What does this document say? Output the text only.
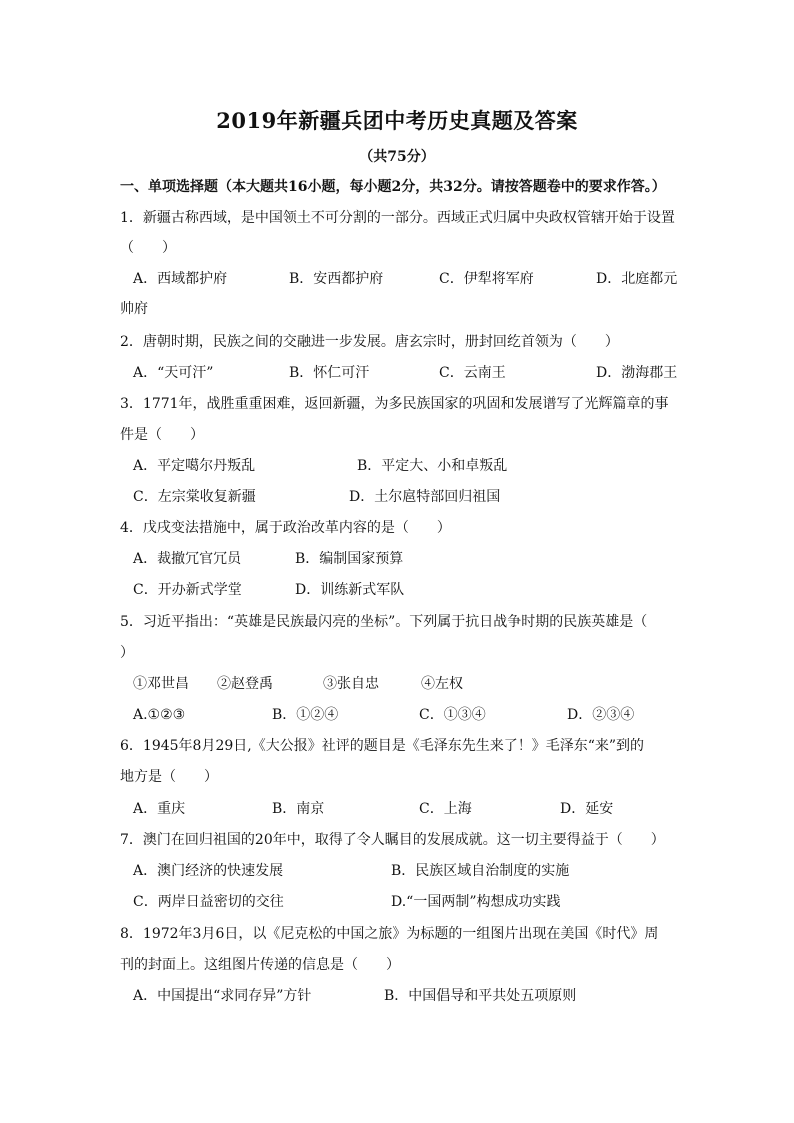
2019年新疆兵团中考历史真题及答案
（共75分）
一、单项选择题（本大题共16小题，每小题2分，共32分。请按答题卷中的要求作答。）
1．新疆古称西域，是中国领土不可分割的一部分。西域正式归属中央政权管辖开始于设置
（　　）
A．西域都护府	B．安西都护府	C．伊犁将军府	D．北庭都元
帅府
2．唐朝时期，民族之间的交融进一步发展。唐玄宗时，册封回纥首领为（　　）
A．“天可汗”	B．怀仁可汗	C．云南王	D．渤海郡王
3．1771年，战胜重重困难，返回新疆，为多民族国家的巩固和发展谱写了光辉篇章的事
件是（　　）
A．平定噶尔丹叛乱	B．平定大、小和卓叛乱
C．左宗棠收复新疆	D．土尔扈特部回归祖国
4．戊戌变法措施中，属于政治改革内容的是（　　）
A．裁撤冗官冗员	B．编制国家预算
C．开办新式学堂	D．训练新式军队
5．习近平指出：“英雄是民族最闪亮的坐标”。下列属于抗日战争时期的民族英雄是（
）
①邓世昌 ②赵登禹	③张自忠	④左权
A.①②③	B．①②④	C．①③④	D．②③④
6．1945年8月29日,《大公报》社评的题目是《毛泽东先生来了！》毛泽东“来”到的
地方是（　　）
A．重庆	B．南京	C．上海	D．延安
7．澳门在回归祖国的20年中，取得了令人瞩目的发展成就。这一切主要得益于（　　）
A．澳门经济的快速发展	B．民族区域自治制度的实施
C．两岸日益密切的交往	D.“一国两制”构想成功实践
8．1972年3月6日，以《尼克松的中国之旅》为标题的一组图片出现在美国《时代》周
刊的封面上。这组图片传递的信息是（　　）
A．中国提出“求同存异”方针	B．中国倡导和平共处五项原则
